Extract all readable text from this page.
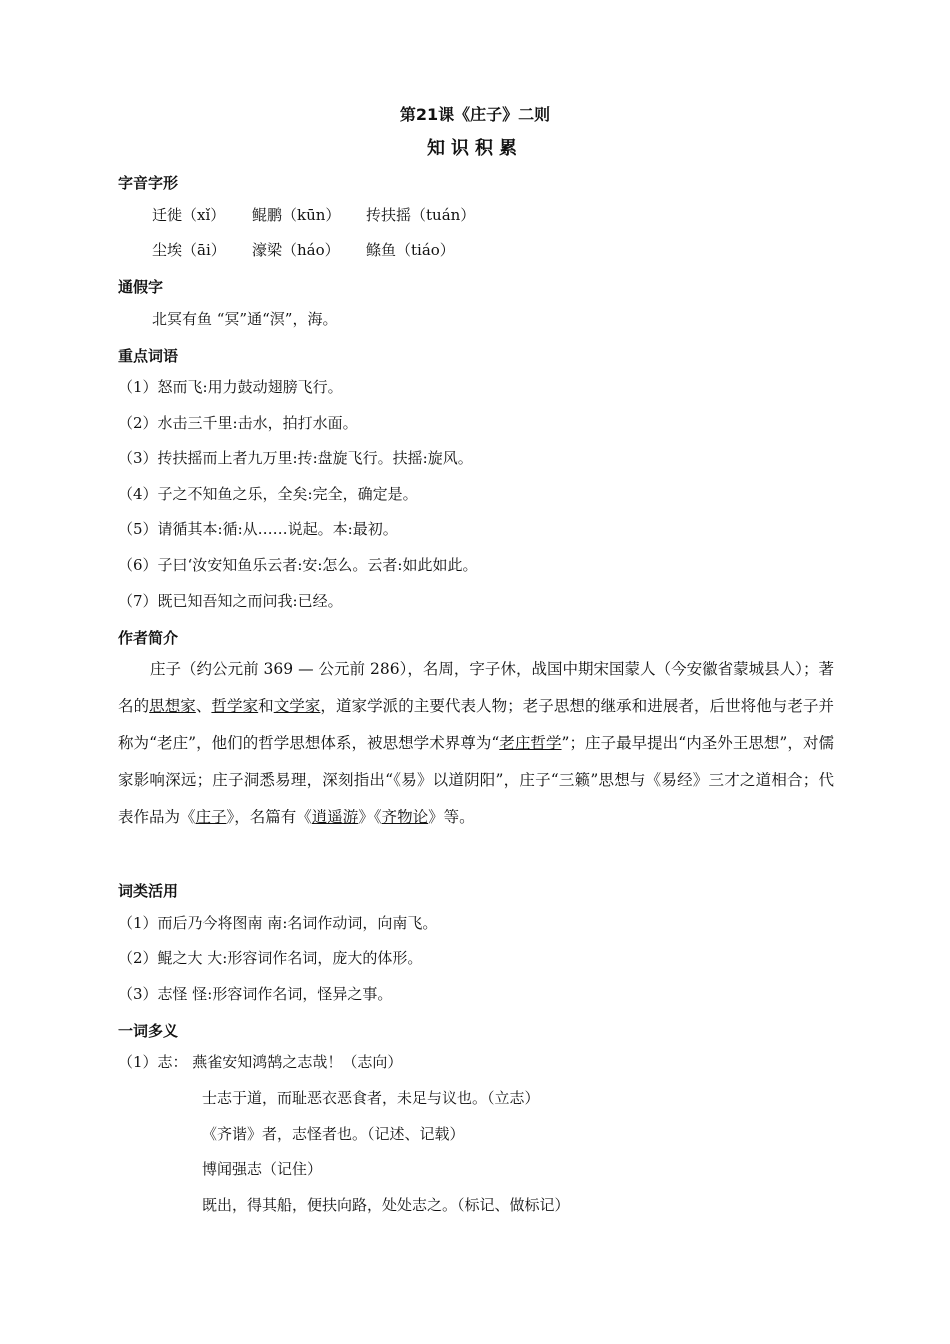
第21课《庄子》二则
知识积累
字音字形
迁徙（xǐ） 鲲鹏（kūn） 抟扶摇（tuán）
尘埃（āi） 濠梁（háo） 鲦鱼（tiáo）
通假字
北冥有鱼 “冥”通“溟”，海。
重点词语
（1）怒而飞:用力鼓动翅膀飞行。
（2）水击三千里:击水，拍打水面。
（3）抟扶摇而上者九万里:抟:盘旋飞行。扶摇:旋风。
（4）子之不知鱼之乐，全矣:完全，确定是。
（5）请循其本:循:从……说起。本:最初。
（6）子曰‘汝安知鱼乐云者:安:怎么。云者:如此如此。
（7）既已知吾知之而问我:已经。
作者简介
庄子（约公元前 369 — 公元前 286），名周，字子休，战国中期宋国蒙人（今安徽省蒙城县人）；著名的思想家、哲学家和文学家，道家学派的主要代表人物；老子思想的继承和进展者，后世将他与老子并称为“老庄”，他们的哲学思想体系，被思想学术界尊为“老庄哲学”；庄子最早提出“内圣外王思想”，对儒家影响深远；庄子洞悉易理，深刻指出“《易》以道阴阳”，庄子“三籁”思想与《易经》三才之道相合；代表作品为《庄子》，名篇有《逍遥游》《齐物论》等。
词类活用
（1）而后乃今将图南 南:名词作动词，向南飞。
（2）鲲之大 大:形容词作名词，庞大的体形。
（3）志怪 怪:形容词作名词，怪异之事。
一词多义
（1）志： 燕雀安知鸿鹄之志哉！（志向）
士志于道，而耻恶衣恶食者，未足与议也。（立志）
《齐谐》者，志怪者也。（记述、记载）
博闻强志（记住）
既出，得其船，便扶向路，处处志之。（标记、做标记）
